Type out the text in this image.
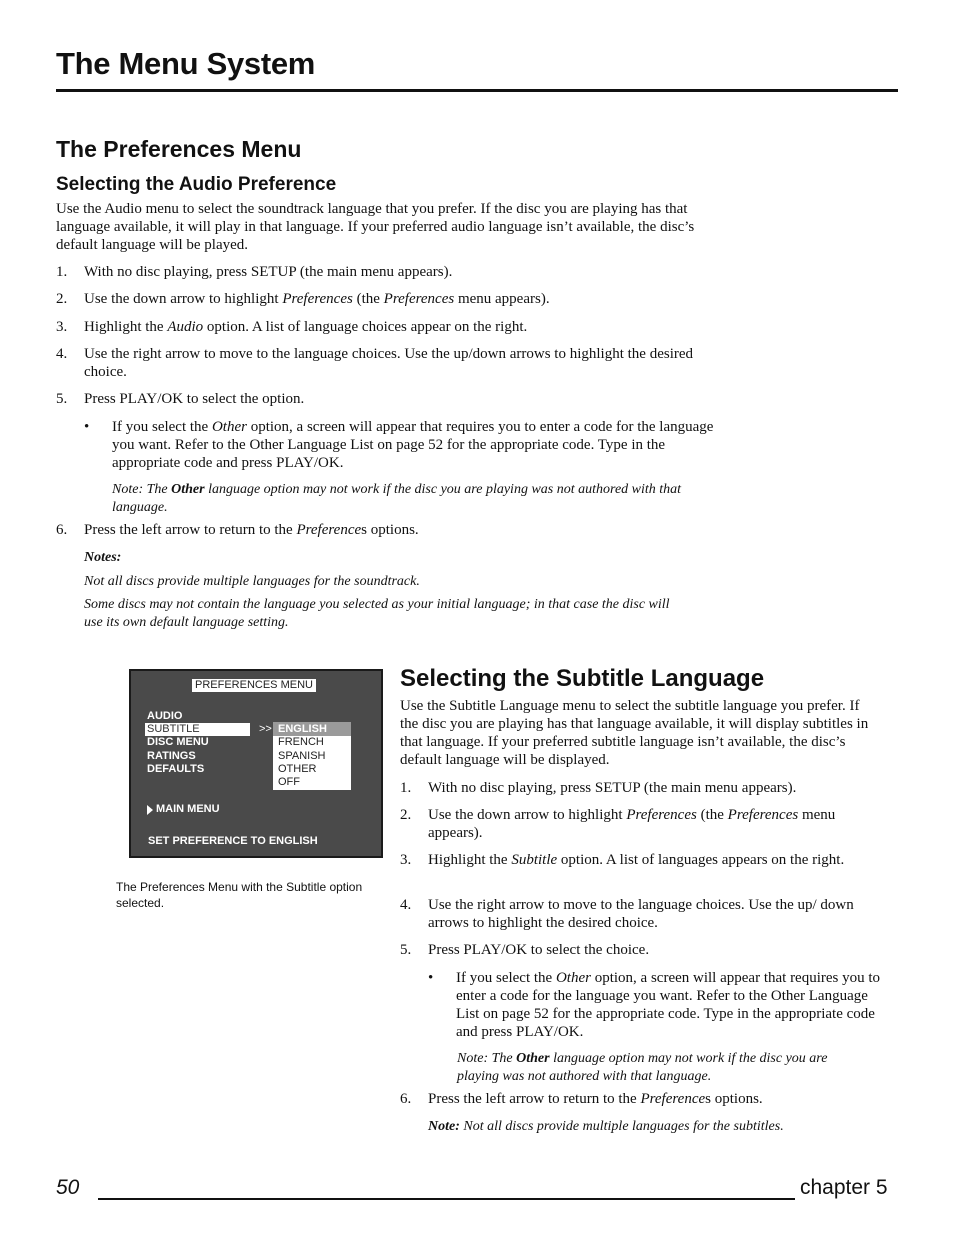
The Menu System
The Preferences Menu
Selecting the Audio Preference
Use the Audio menu to select the soundtrack language that you prefer. If the disc you are playing has that language available, it will play in that language. If your preferred audio language isn’t available, the disc’s default language will be played.
1. With no disc playing, press SETUP (the main menu appears).
2. Use the down arrow to highlight Preferences (the Preferences menu appears).
3. Highlight the Audio option. A list of language choices appear on the right.
4. Use the right arrow to move to the language choices. Use the up/down arrows to highlight the desired choice.
5. Press PLAY/OK to select the option.
• If you select the Other option, a screen will appear that requires you to enter a code for the language you want. Refer to the Other Language List on page 52 for the appropriate code. Type in the appropriate code and press PLAY/OK.
Note: The Other language option may not work if the disc you are playing was not authored with that language.
6. Press the left arrow to return to the Preferences options.
Notes:
Not all discs provide multiple languages for the soundtrack.
Some discs may not contain the language you selected as your initial language; in that case the disc will use its own default language setting.
PREFERENCES MENU
AUDIO
SUBTITLE
DISC MENU
RATINGS
DEFAULTS
>> ENGLISH
FRENCH
SPANISH
OTHER
OFF
MAIN MENU
SET PREFERENCE TO ENGLISH
The Preferences Menu with the Subtitle option selected.
Selecting the Subtitle Language
Use the Subtitle Language menu to select the subtitle language you prefer. If the disc you are playing has that language available, it will display subtitles in that language. If your preferred subtitle language isn’t available, the disc’s default language will be displayed.
1. With no disc playing, press SETUP (the main menu appears).
2. Use the down arrow to highlight Preferences (the Preferences menu appears).
3. Highlight the Subtitle option. A list of languages appears on the right.
4. Use the right arrow to move to the language choices. Use the up/ down arrows to highlight the desired choice.
5. Press PLAY/OK to select the choice.
• If you select the Other option, a screen will appear that requires you to enter a code for the language you want. Refer to the Other Language List on page 52 for the appropriate code. Type in the appropriate code and press PLAY/OK.
Note: The Other language option may not work if the disc you are playing was not authored with that language.
6. Press the left arrow to return to the Preferences options.
Note: Not all discs provide multiple languages for the subtitles.
50	chapter 5
